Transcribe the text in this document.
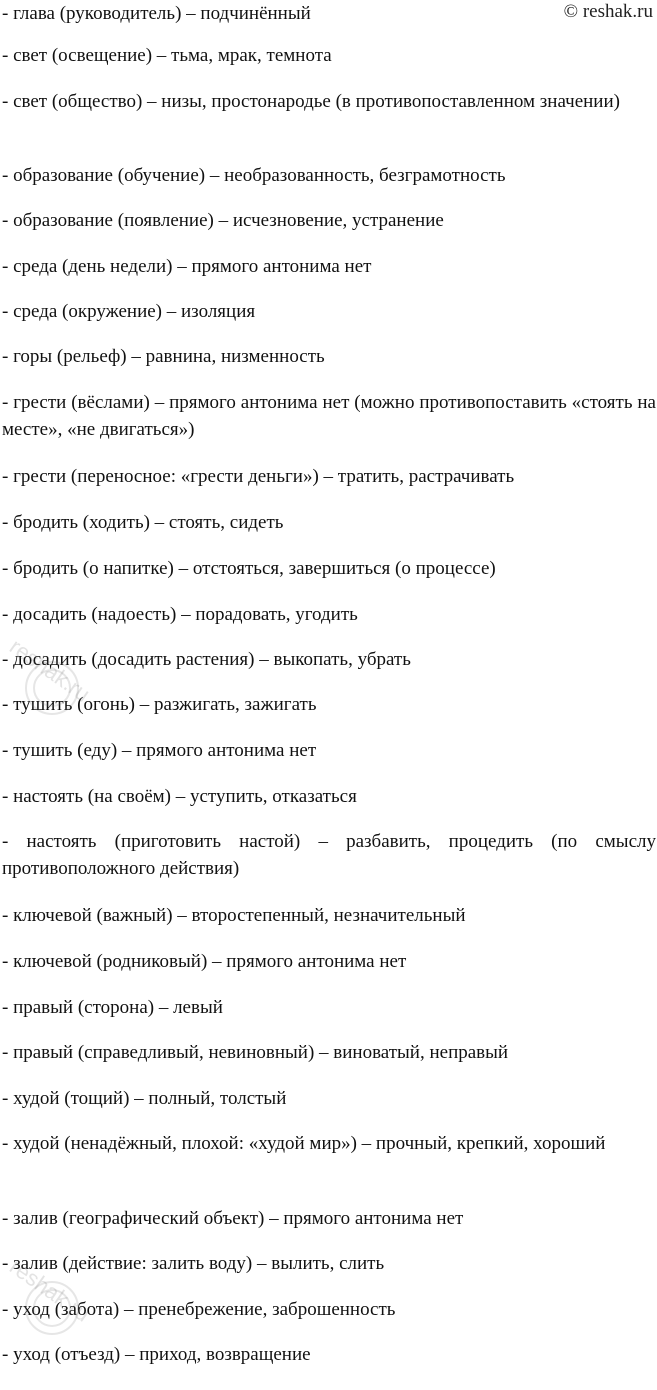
© reshak.ru

- глава (руководитель) – подчинённый

- свет (освещение) – тьма, мрак, темнота

- свет (общество) – низы, простонародье (в противопоставленном значении)

- образование (обучение) – необразованность, безграмотность

- образование (появление) – исчезновение, устранение

- среда (день недели) – прямого антонима нет

- среда (окружение) – изоляция

- горы (рельеф) – равнина, низменность

- грести (вёслами) – прямого антонима нет (можно противопоставить «стоять на месте», «не двигаться»)

- грести (переносное: «грести деньги») – тратить, растрачивать

- бродить (ходить) – стоять, сидеть

- бродить (о напитке) – отстояться, завершиться (о процессе)

- досадить (надоесть) – порадовать, угодить

- досадить (досадить растения) – выкопать, убрать

- тушить (огонь) – разжигать, зажигать

- тушить (еду) – прямого антонима нет

- настоять (на своём) – уступить, отказаться

- настоять (приготовить настой) – разбавить, процедить (по смыслу противоположного действия)

- ключевой (важный) – второстепенный, незначительный

- ключевой (родниковый) – прямого антонима нет

- правый (сторона) – левый

- правый (справедливый, невиновный) – виноватый, неправый

- худой (тощий) – полный, толстый

- худой (ненадёжный, плохой: «худой мир») – прочный, крепкий, хороший

- залив (географический объект) – прямого антонима нет

- залив (действие: залить воду) – вылить, слить

- уход (забота) – пренебрежение, заброшенность

- уход (отъезд) – приход, возвращение

reshak.ru
reshak.ru
